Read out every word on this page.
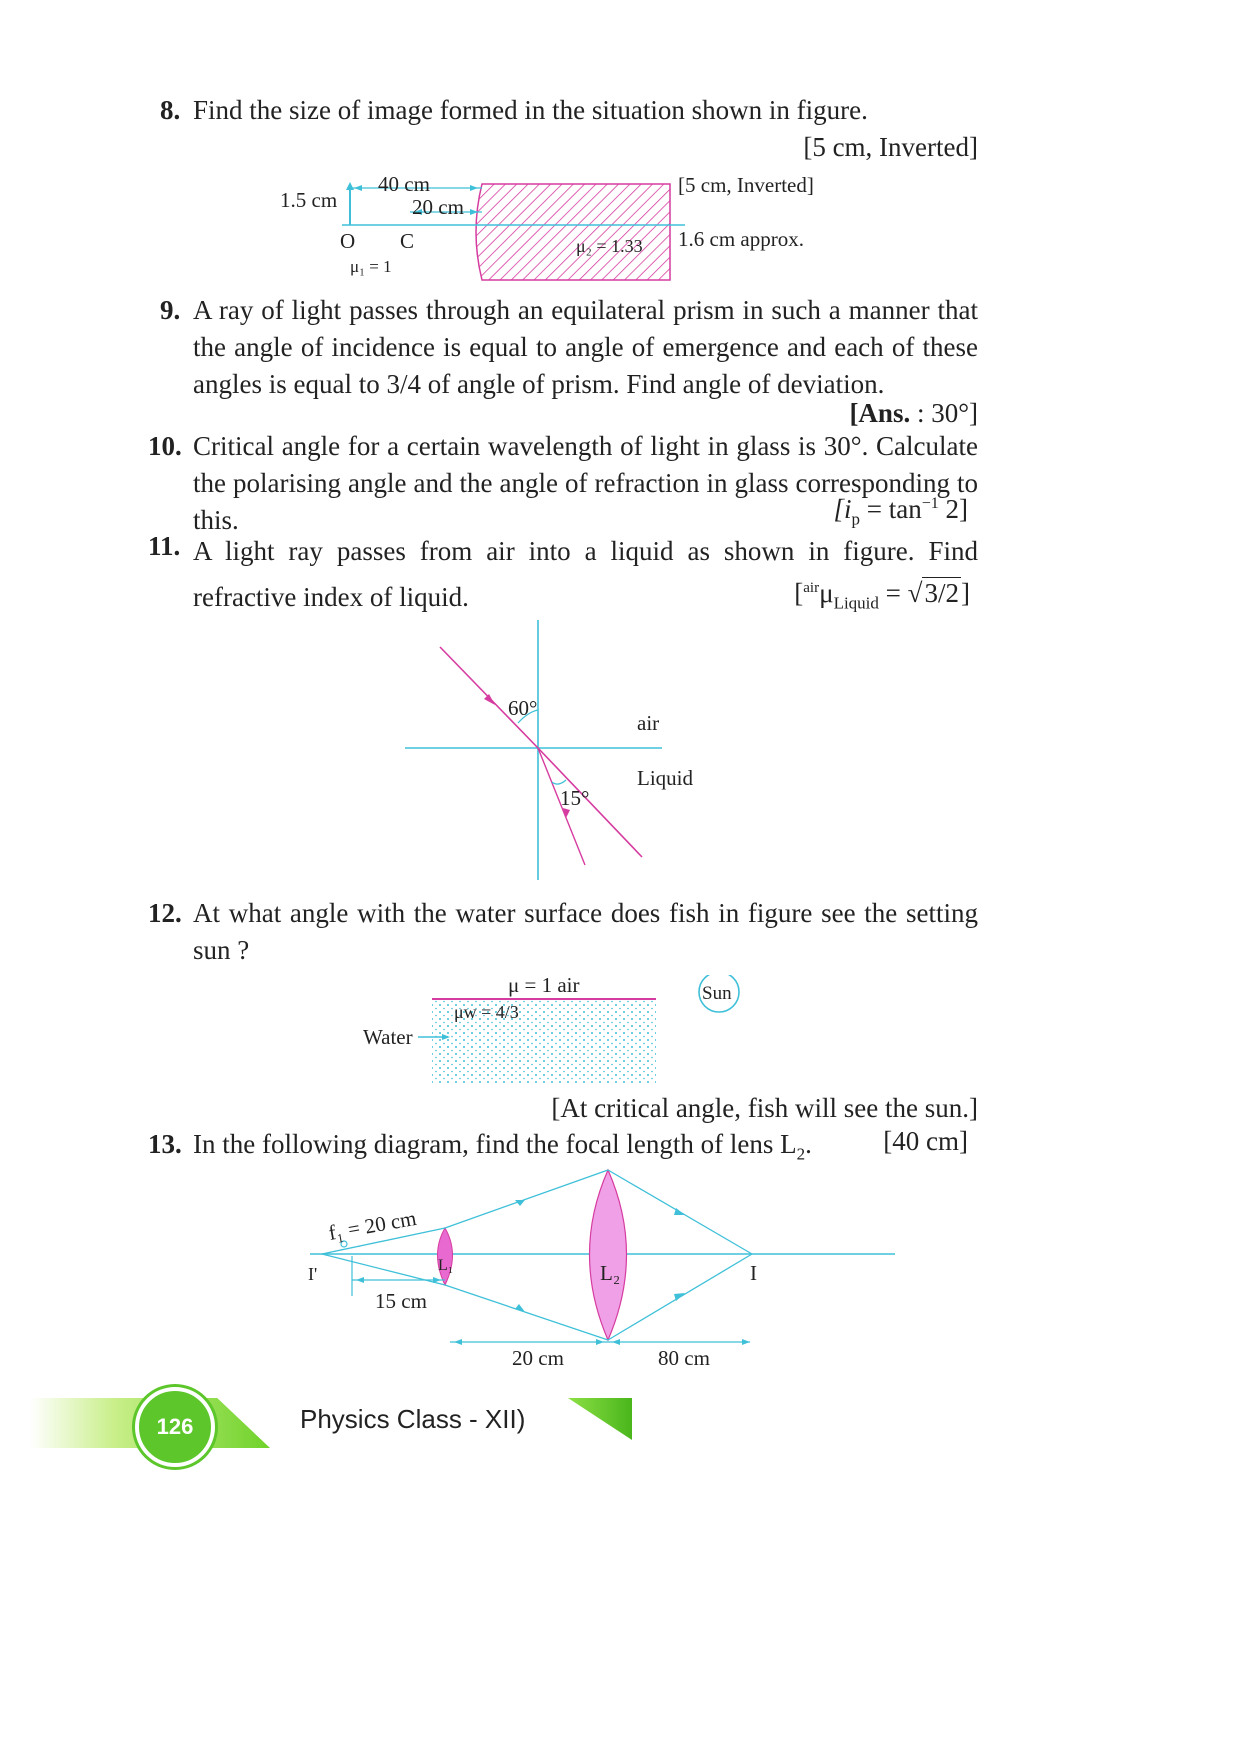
8. Find the size of image formed in the situation shown in figure.
[5 cm, Inverted]
40 cm
20 cm
1.5 cm
O C
μ₁ = 1
μ₂ = 1.33
[5 cm, Inverted]
1.6 cm approx.
9. A ray of light passes through an equilateral prism in such a manner that the angle of incidence is equal to angle of emergence and each of these angles is equal to 3/4 of angle of prism. Find angle of deviation.
[Ans. : 30°]
10. Critical angle for a certain wavelength of light in glass is 30°. Calculate the polarising angle and the angle of refraction in glass corresponding to this.	$[i_p = \tan^{-1} 2]$
11. A light ray passes from air into a liquid as shown in figure. Find refractive index of liquid.	$[^{air}\mu_{Liquid} = √3/2]$
60°
15°
air
Liquid
12. At what angle with the water surface does fish in figure see the setting sun ?
μ = 1 air
μw = 4/3
Water
Sun
[At critical angle, fish will see the sun.]
13. In the following diagram, find the focal length of lens $L_2$.	[40 cm]
f₁ = 20 cm
L₁	L₂
I'	I
15 cm
20 cm	80 cm
126	Physics Class - XII)
